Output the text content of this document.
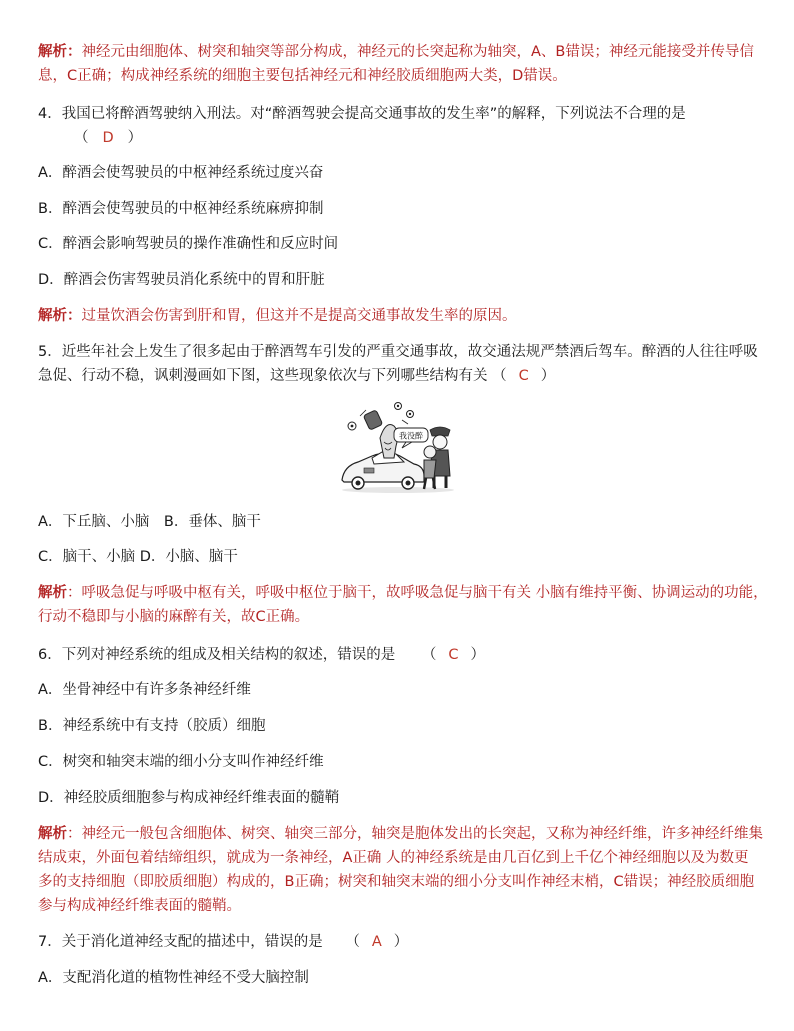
解析：神经元由细胞体、树突和轴突等部分构成，神经元的长突起称为轴突，A、B错误；神经元能接受并传导信
息，C正确；构成神经系统的细胞主要包括神经元和神经胶质细胞两大类，D错误。
4．我国已将醉酒驾驶纳入刑法。对“醉酒驾驶会提高交通事故的发生率”的解释，下列说法不合理的是
（ D ）
A．醉酒会使驾驶员的中枢神经系统过度兴奋
B．醉酒会使驾驶员的中枢神经系统麻痹抑制
C．醉酒会影响驾驶员的操作准确性和反应时间
D．醉酒会伤害驾驶员消化系统中的胃和肝脏
解析：过量饮酒会伤害到肝和胃，但这并不是提高交通事故发生率的原因。
5．近些年社会上发生了很多起由于醉酒驾车引发的严重交通事故，故交通法规严禁酒后驾车。醉酒的人往往呼吸
急促、行动不稳，讽刺漫画如下图，这些现象依次与下列哪些结构有关 （ C ）
我没醉
A．下丘脑、小脑　B．垂体、脑干
C．脑干、小脑 D．小脑、脑干
解析：呼吸急促与呼吸中枢有关，呼吸中枢位于脑干，故呼吸急促与脑干有关 小脑有维持平衡、协调运动的功能，
行动不稳即与小脑的麻醉有关，故C正确。
6．下列对神经系统的组成及相关结构的叙述，错误的是 （ C ）
A．坐骨神经中有许多条神经纤维
B．神经系统中有支持（胶质）细胞
C．树突和轴突末端的细小分支叫作神经纤维
D．神经胶质细胞参与构成神经纤维表面的髓鞘
解析：神经元一般包含细胞体、树突、轴突三部分，轴突是胞体发出的长突起，又称为神经纤维，许多神经纤维集
结成束，外面包着结缔组织，就成为一条神经，A正确 人的神经系统是由几百亿到上千亿个神经细胞以及为数更
多的支持细胞（即胶质细胞）构成的，B正确；树突和轴突末端的细小分支叫作神经末梢，C错误；神经胶质细胞
参与构成神经纤维表面的髓鞘。
7．关于消化道神经支配的描述中，错误的是 （ A ）
A．支配消化道的植物性神经不受大脑控制
